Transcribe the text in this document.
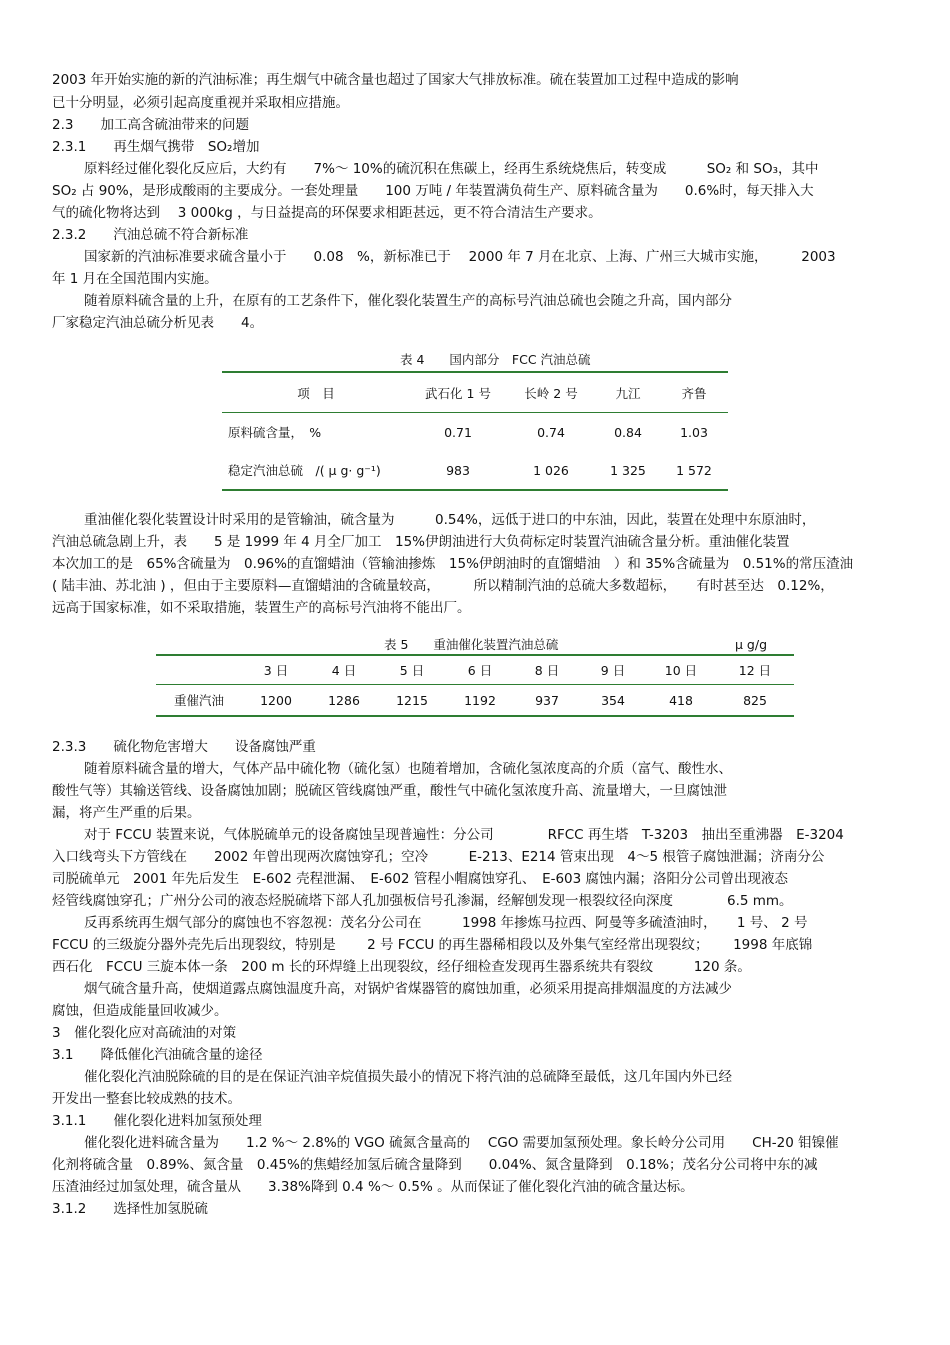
2003 年开始实施的新的汽油标准；再生烟气中硫含量也超过了国家大气排放标准。硫在装置加工过程中造成的影响
已十分明显，必须引起高度重视并采取相应措施。
2.3　　加工高含硫油带来的问题
2.3.1　　再生烟气携带　SO₂增加
原料经过催化裂化反应后，大约有　　7%～ 10%的硫沉积在焦碳上，经再生系统烧焦后，转变成　　　SO₂ 和 SO₃，其中
SO₂ 占 90%，是形成酸雨的主要成分。一套处理量　　100 万吨 / 年装置满负荷生产、原料硫含量为　　0.6%时，每天排入大
气的硫化物将达到　 3 000kg ，与日益提高的环保要求相距甚远，更不符合清洁生产要求。
2.3.2　　汽油总硫不符合新标准
国家新的汽油标准要求硫含量小于　　0.08　%，新标准已于　 2000 年 7 月在北京、上海、广州三大城市实施，　　　2003
年 1 月在全国范围内实施。
随着原料硫含量的上升，在原有的工艺条件下，催化裂化装置生产的高标号汽油总硫也会随之升高，国内部分
厂家稳定汽油总硫分析见表　　4。
表 4　　国内部分　FCC 汽油总硫
项　目	武石化 1 号	长岭 2 号	九江	齐鲁
原料硫含量，　%	0.71	0.74	0.84	1.03
稳定汽油总硫　/( μ g· g⁻¹)	983	1 026	1 325	1 572
重油催化裂化装置设计时采用的是管输油，硫含量为　　　0.54%，远低于进口的中东油，因此，装置在处理中东原油时，
汽油总硫急剧上升，表　　5 是 1999 年 4 月全厂加工　15%伊朗油进行大负荷标定时装置汽油硫含量分析。重油催化装置
本次加工的是　65%含硫量为　0.96%的直馏蜡油（管输油掺炼　15%伊朗油时的直馏蜡油　）和 35%含硫量为　0.51%的常压渣油
( 陆丰油、苏北油 ) ，但由于主要原料—直馏蜡油的含硫量较高，　　　所以精制汽油的总硫大多数超标，　　有时甚至达　0.12%，
远高于国家标准，如不采取措施，装置生产的高标号汽油将不能出厂。
表 5　　重油催化装置汽油总硫	μ g/g
	3 日	4 日	5 日	6 日	8 日	9 日	10 日	12 日
重催汽油	1200	1286	1215	1192	937	354	418	825
2.3.3　　硫化物危害增大　　设备腐蚀严重
随着原料硫含量的增大，气体产品中硫化物（硫化氢）也随着增加，含硫化氢浓度高的介质（富气、酸性水、
酸性气等）其输送管线、设备腐蚀加剧；脱硫区管线腐蚀严重，酸性气中硫化氢浓度升高、流量增大，一旦腐蚀泄
漏，将产生严重的后果。
对于 FCCU 装置来说，气体脱硫单元的设备腐蚀呈现普遍性：分公司　　　　RFCC 再生塔　T-3203　抽出至重沸器　E-3204
入口线弯头下方管线在　　2002 年曾出现两次腐蚀穿孔；空冷　　　E-213、E214 管束出现　4～5 根管子腐蚀泄漏；济南分公
司脱硫单元　2001 年先后发生　E-602 壳程泄漏、　E-602 管程小帽腐蚀穿孔、　E-603 腐蚀内漏；洛阳分公司曾出现液态
烃管线腐蚀穿孔；广州分公司的液态烃脱硫塔下部人孔加强板信号孔渗漏，经解刨发现一根裂纹径向深度　　　　6.5 mm。
反再系统再生烟气部分的腐蚀也不容忽视：茂名分公司在　　　1998 年掺炼马拉西、阿曼等多硫渣油时，　　1 号、 2 号
FCCU 的三级旋分器外壳先后出现裂纹，特别是　　 2 号 FCCU 的再生器稀相段以及外集气室经常出现裂纹；　　 1998 年底锦
西石化　FCCU 三旋本体一条　200 m 长的环焊缝上出现裂纹，经仔细检查发现再生器系统共有裂纹　　　120 条。
烟气硫含量升高，使烟道露点腐蚀温度升高，对锅炉省煤器管的腐蚀加重，必须采用提高排烟温度的方法减少
腐蚀，但造成能量回收减少。
3　催化裂化应对高硫油的对策
3.1　　降低催化汽油硫含量的途径
催化裂化汽油脱除硫的目的是在保证汽油辛烷值损失最小的情况下将汽油的总硫降至最低，这几年国内外已经
开发出一整套比较成熟的技术。
3.1.1　　催化裂化进料加氢预处理
催化裂化进料硫含量为　　1.2 %～ 2.8%的 VGO 硫氮含量高的　 CGO 需要加氢预处理。象长岭分公司用　　CH-20 钼镍催
化剂将硫含量　0.89%、氮含量　0.45%的焦蜡经加氢后硫含量降到　　0.04%、氮含量降到　0.18%；茂名分公司将中东的减
压渣油经过加氢处理，硫含量从　　3.38%降到 0.4 %～ 0.5% 。从而保证了催化裂化汽油的硫含量达标。
3.1.2　　选择性加氢脱硫
